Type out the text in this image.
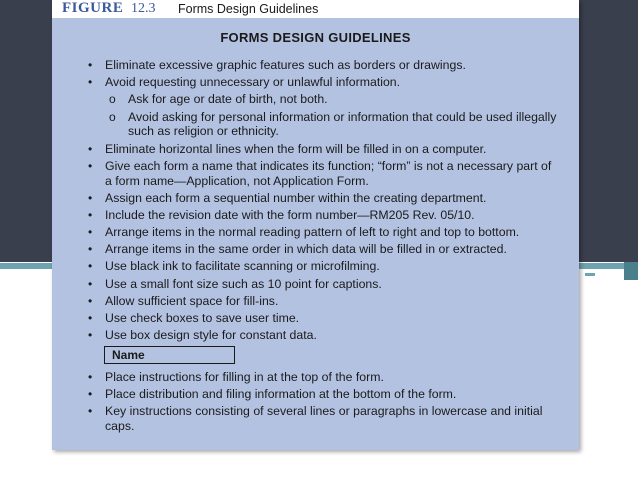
FIGURE 12.3 Forms Design Guidelines
FORMS DESIGN GUIDELINES
• Eliminate excessive graphic features such as borders or drawings.
• Avoid requesting unnecessary or unlawful information.
o Ask for age or date of birth, not both.
o Avoid asking for personal information or information that could be used illegally such as religion or ethnicity.
• Eliminate horizontal lines when the form will be filled in on a computer.
• Give each form a name that indicates its function; “form” is not a necessary part of a form name—Application, not Application Form.
• Assign each form a sequential number within the creating department.
• Include the revision date with the form number—RM205 Rev. 05/10.
• Arrange items in the normal reading pattern of left to right and top to bottom.
• Arrange items in the same order in which data will be filled in or extracted.
• Use black ink to facilitate scanning or microfilming.
• Use a small font size such as 10 point for captions.
• Allow sufficient space for fill-ins.
• Use check boxes to save user time.
• Use box design style for constant data.
Name
• Place instructions for filling in at the top of the form.
• Place distribution and filing information at the bottom of the form.
• Key instructions consisting of several lines or paragraphs in lowercase and initial caps.
